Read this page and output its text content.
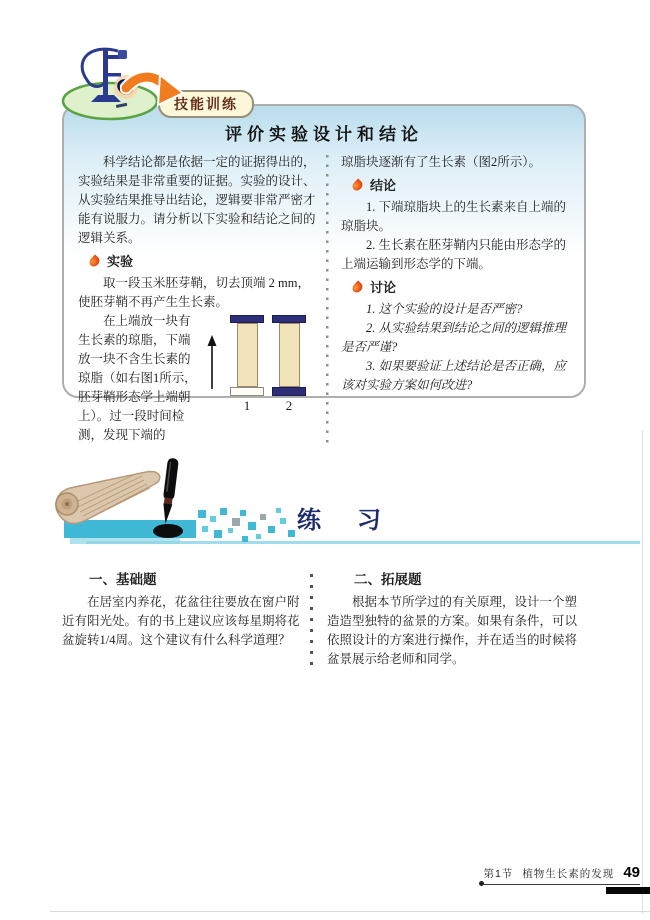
技能训练
评价实验设计和结论

科学结论都是依据一定的证据得出的，实验结果是非常重要的证据。实验的设计、从实验结果推导出结论，逻辑要非常严密才能有说服力。请分析以下实验和结论之间的逻辑关系。

实验

取一段玉米胚芽鞘，切去顶端 2 mm，使胚芽鞘不再产生生长素。

1	2

在上端放一块有生长素的琼脂，下端放一块不含生长素的琼脂（如右图1所示，胚芽鞘形态学上端朝上）。过一段时间检测，发现下端的

琼脂块逐渐有了生长素（图2所示）。

结论

1. 下端琼脂块上的生长素来自上端的琼脂块。

2. 生长素在胚芽鞘内只能由形态学的上端运输到形态学的下端。

讨论

1. 这个实验的设计是否严密?

2. 从实验结果到结论之间的逻辑推理是否严谨?

3. 如果要验证上述结论是否正确，应该对实验方案如何改进?

练　习
一、基础题

在居室内养花，花盆往往要放在窗户附近有阳光处。有的书上建议应该每星期将花盆旋转1/4周。这个建议有什么科学道理？

二、拓展题

根据本节所学过的有关原理，设计一个塑造造型独特的盆景的方案。如果有条件，可以依照设计的方案进行操作，并在适当的时候将盆景展示给老师和同学。

第1节 植物生长素的发现 49
